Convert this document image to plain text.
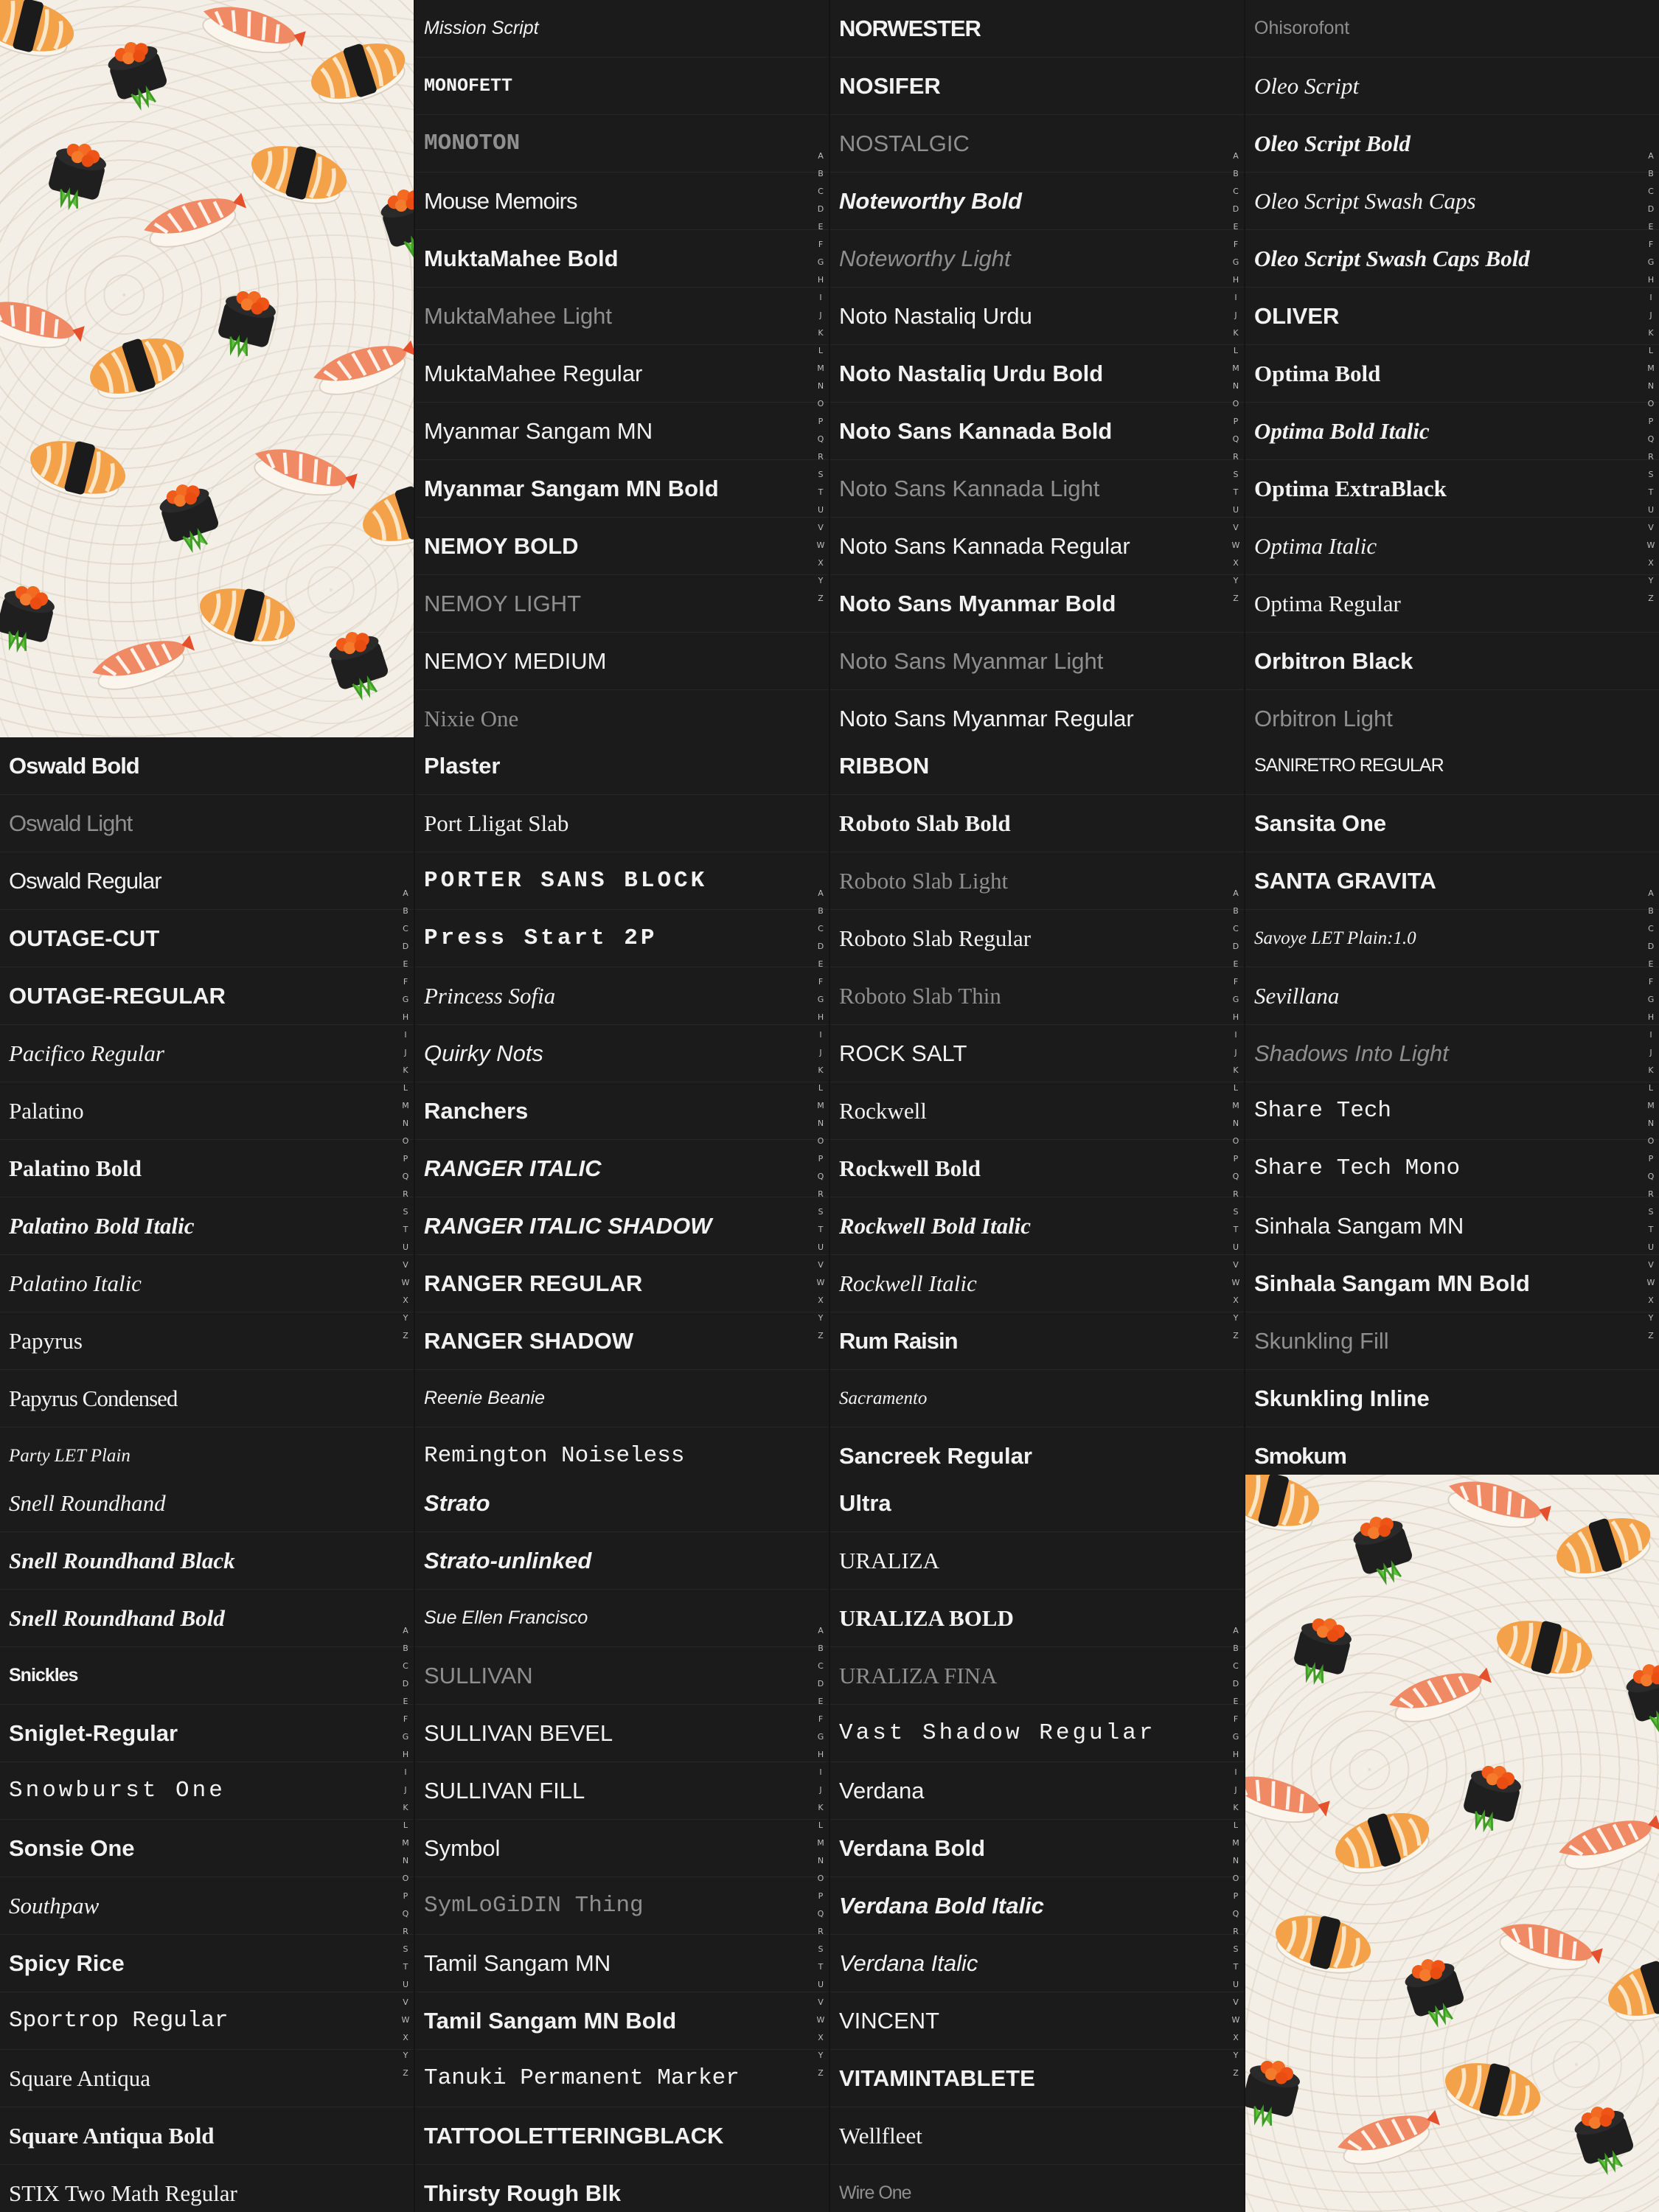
Mission Script
MONOFETT
MONOTON
Mouse Memoirs
MuktaMahee Bold
MuktaMahee Light
MuktaMahee Regular
Myanmar Sangam MN
Myanmar Sangam MN Bold
NEMOY BOLD
NEMOY LIGHT
NEMOY MEDIUM
Nixie One
A
B
C
D
E
F
G
H
I
J
K
L
M
N
O
P
Q
R
S
T
U
V
W
X
Y
Z
NORWESTER
NOSIFER
NOSTALGIC
Noteworthy Bold
Noteworthy Light
Noto Nastaliq Urdu
Noto Nastaliq Urdu Bold
Noto Sans Kannada Bold
Noto Sans Kannada Light
Noto Sans Kannada Regular
Noto Sans Myanmar Bold
Noto Sans Myanmar Light
Noto Sans Myanmar Regular
A
B
C
D
E
F
G
H
I
J
K
L
M
N
O
P
Q
R
S
T
U
V
W
X
Y
Z
Ohisorofont
Oleo Script
Oleo Script Bold
Oleo Script Swash Caps
Oleo Script Swash Caps Bold
OLIVER
Optima Bold
Optima Bold Italic
Optima ExtraBlack
Optima Italic
Optima Regular
Orbitron Black
Orbitron Light
A
B
C
D
E
F
G
H
I
J
K
L
M
N
O
P
Q
R
S
T
U
V
W
X
Y
Z
Oswald Bold
Oswald Light
Oswald Regular
OUTAGE-CUT
OUTAGE-REGULAR
Pacifico Regular
Palatino
Palatino Bold
Palatino Bold Italic
Palatino Italic
Papyrus
Papyrus Condensed
Party LET Plain
A
B
C
D
E
F
G
H
I
J
K
L
M
N
O
P
Q
R
S
T
U
V
W
X
Y
Z
Plaster
Port Lligat Slab
PORTER SANS BLOCK
Press Start 2P
Princess Sofia
Quirky Nots
Ranchers
RANGER ITALIC
RANGER ITALIC SHADOW
RANGER REGULAR
RANGER SHADOW
Reenie Beanie
Remington Noiseless
A
B
C
D
E
F
G
H
I
J
K
L
M
N
O
P
Q
R
S
T
U
V
W
X
Y
Z
RIBBON
Roboto Slab Bold
Roboto Slab Light
Roboto Slab Regular
Roboto Slab Thin
ROCK SALT
Rockwell
Rockwell Bold
Rockwell Bold Italic
Rockwell Italic
Rum Raisin
Sacramento
Sancreek Regular
A
B
C
D
E
F
G
H
I
J
K
L
M
N
O
P
Q
R
S
T
U
V
W
X
Y
Z
SANIRETRO REGULAR
Sansita One
SANTA GRAVITA
Savoye LET Plain:1.0
Sevillana
Shadows Into Light
Share Tech
Share Tech Mono
Sinhala Sangam MN
Sinhala Sangam MN Bold
Skunkling Fill
Skunkling Inline
Smokum
A
B
C
D
E
F
G
H
I
J
K
L
M
N
O
P
Q
R
S
T
U
V
W
X
Y
Z
Snell Roundhand
Snell Roundhand Black
Snell Roundhand Bold
Snickles
Sniglet-Regular
Snowburst One
Sonsie One
Southpaw
Spicy Rice
Sportrop Regular
Square Antiqua
Square Antiqua Bold
STIX Two Math Regular
A
B
C
D
E
F
G
H
I
J
K
L
M
N
O
P
Q
R
S
T
U
V
W
X
Y
Z
Strato
Strato-unlinked
Sue Ellen Francisco
SULLIVAN
SULLIVAN BEVEL
SULLIVAN FILL
Symbol
SymLoGiDIN Thing
Tamil Sangam MN
Tamil Sangam MN Bold
Tanuki Permanent Marker
TATTOOLETTERINGBLACK
Thirsty Rough Blk
A
B
C
D
E
F
G
H
I
J
K
L
M
N
O
P
Q
R
S
T
U
V
W
X
Y
Z
Ultra
URALIZA
URALIZA BOLD
URALIZA FINA
Vast Shadow Regular
Verdana
Verdana Bold
Verdana Bold Italic
Verdana Italic
VINCENT
VITAMINTABLETE
Wellfleet
Wire One
A
B
C
D
E
F
G
H
I
J
K
L
M
N
O
P
Q
R
S
T
U
V
W
X
Y
Z
